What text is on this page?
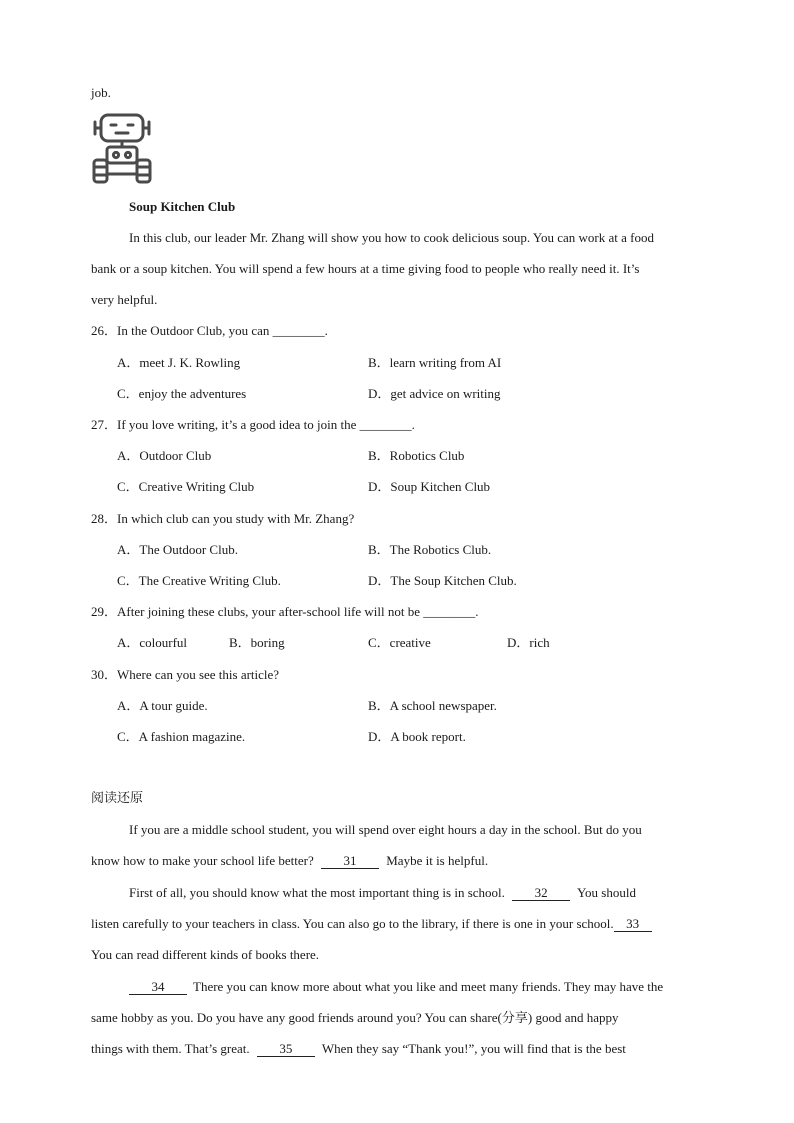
job.
Soup Kitchen Club
In this club, our leader Mr. Zhang will show you how to cook delicious soup. You can work at a food
bank or a soup kitchen. You will spend a few hours at a time giving food to people who really need it. It’s
very helpful.
26．In the Outdoor Club, you can ________.
A．meet J. K. Rowling	B．learn writing from AI
C．enjoy the adventures	D．get advice on writing
27．If you love writing, it’s a good idea to join the ________.
A．Outdoor Club	B．Robotics Club
C．Creative Writing Club	D．Soup Kitchen Club
28．In which club can you study with Mr. Zhang?
A．The Outdoor Club.	B．The Robotics Club.
C．The Creative Writing Club.	D．The Soup Kitchen Club.
29．After joining these clubs, your after-school life will not be ________.
A．colourful	B．boring	C．creative	D．rich
30．Where can you see this article?
A．A tour guide.	B．A school newspaper.
C．A fashion magazine.	D．A book report.
阅读还原
If you are a middle school student, you will spend over eight hours a day in the school. But do you
know how to make your school life better? 31 Maybe it is helpful.
First of all, you should know what the most important thing is in school. 32 You should
listen carefully to your teachers in class. You can also go to the library, if there is one in your school. 33
You can read different kinds of books there.
34 There you can know more about what you like and meet many friends. They may have the
same hobby as you. Do you have any good friends around you? You can share(分享) good and happy
things with them. That’s great. 35 When they say “Thank you!”, you will find that is the best
